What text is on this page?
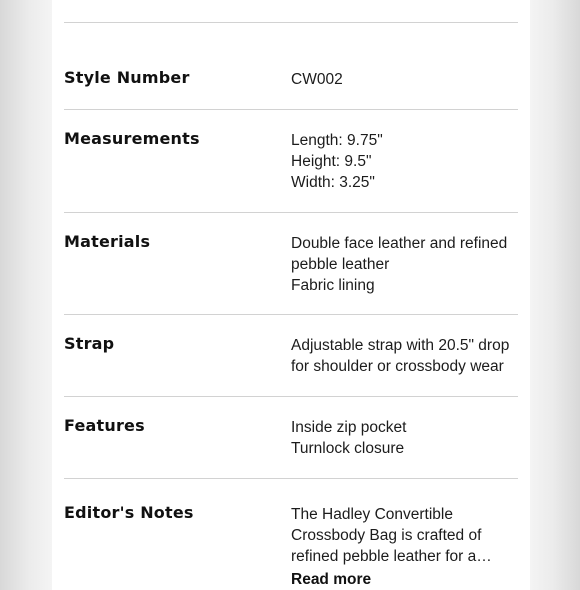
Style Number	CW002
Measurements	Length: 9.75"
Height: 9.5"
Width: 3.25"
Materials	Double face leather and refined
pebble leather
Fabric lining
Strap	Adjustable strap with 20.5" drop
for shoulder or crossbody wear
Features	Inside zip pocket
Turnlock closure
Editor's Notes	The Hadley Convertible
Crossbody Bag is crafted of
refined pebble leather for a…
Read more
